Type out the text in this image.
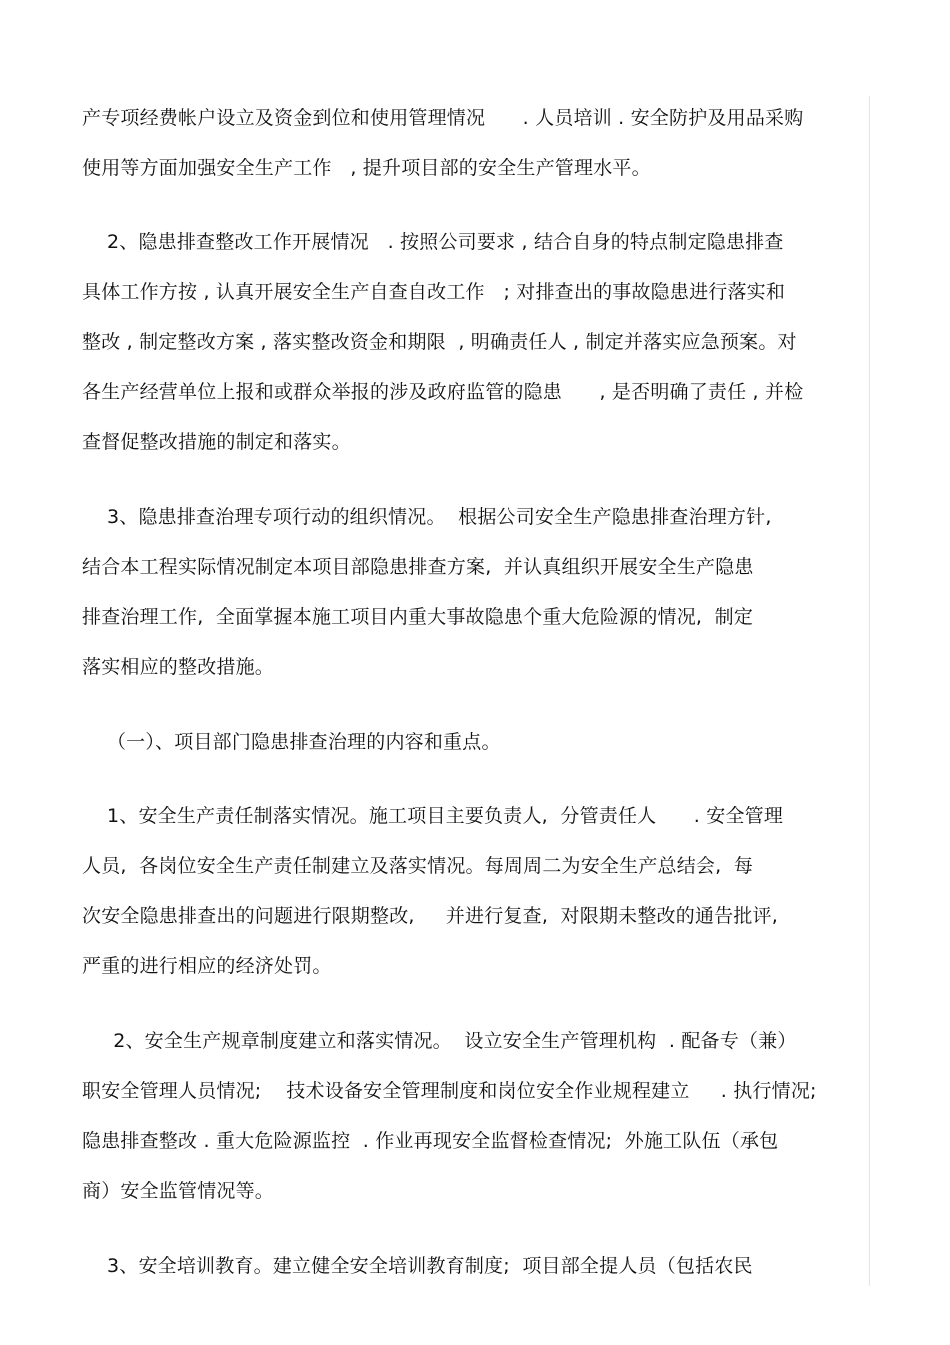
产专项经费帐户设立及资金到位和使用管理情况      . 人员培训 . 安全防护及用品采购

使用等方面加强安全生产工作   , 提升项目部的安全生产管理水平。

2、隐患排查整改工作开展情况   . 按照公司要求 , 结合自身的特点制定隐患排查

具体工作方按 , 认真开展安全生产自查自改工作   ; 对排查出的事故隐患进行落实和

整改 , 制定整改方案 , 落实整改资金和期限  , 明确责任人 , 制定并落实应急预案。对

各生产经营单位上报和或群众举报的涉及政府监管的隐患      , 是否明确了责任 , 并检

查督促整改措施的制定和落实。

3、隐患排查治理专项行动的组织情况。  根据公司安全生产隐患排查治理方针,

结合本工程实际情况制定本项目部隐患排查方案,  并认真组织开展安全生产隐患

排查治理工作,  全面掌握本施工项目内重大事故隐患个重大危险源的情况,  制定

落实相应的整改措施。

（一）、项目部门隐患排查治理的内容和重点。

1、安全生产责任制落实情况。施工项目主要负责人,  分管责任人      . 安全管理

人员,  各岗位安全生产责任制建立及落实情况。每周周二为安全生产总结会,  每

次安全隐患排查出的问题进行限期整改,     并进行复查,  对限期未整改的通告批评,

严重的进行相应的经济处罚。

2、安全生产规章制度建立和落实情况。  设立安全生产管理机构  . 配备专（兼）

职安全管理人员情况;    技术设备安全管理制度和岗位安全作业规程建立     . 执行情况;

隐患排查整改 . 重大危险源监控  . 作业再现安全监督检查情况;  外施工队伍（承包

商）安全监管情况等。

3、安全培训教育。建立健全安全培训教育制度;  项目部全提人员（包括农民
